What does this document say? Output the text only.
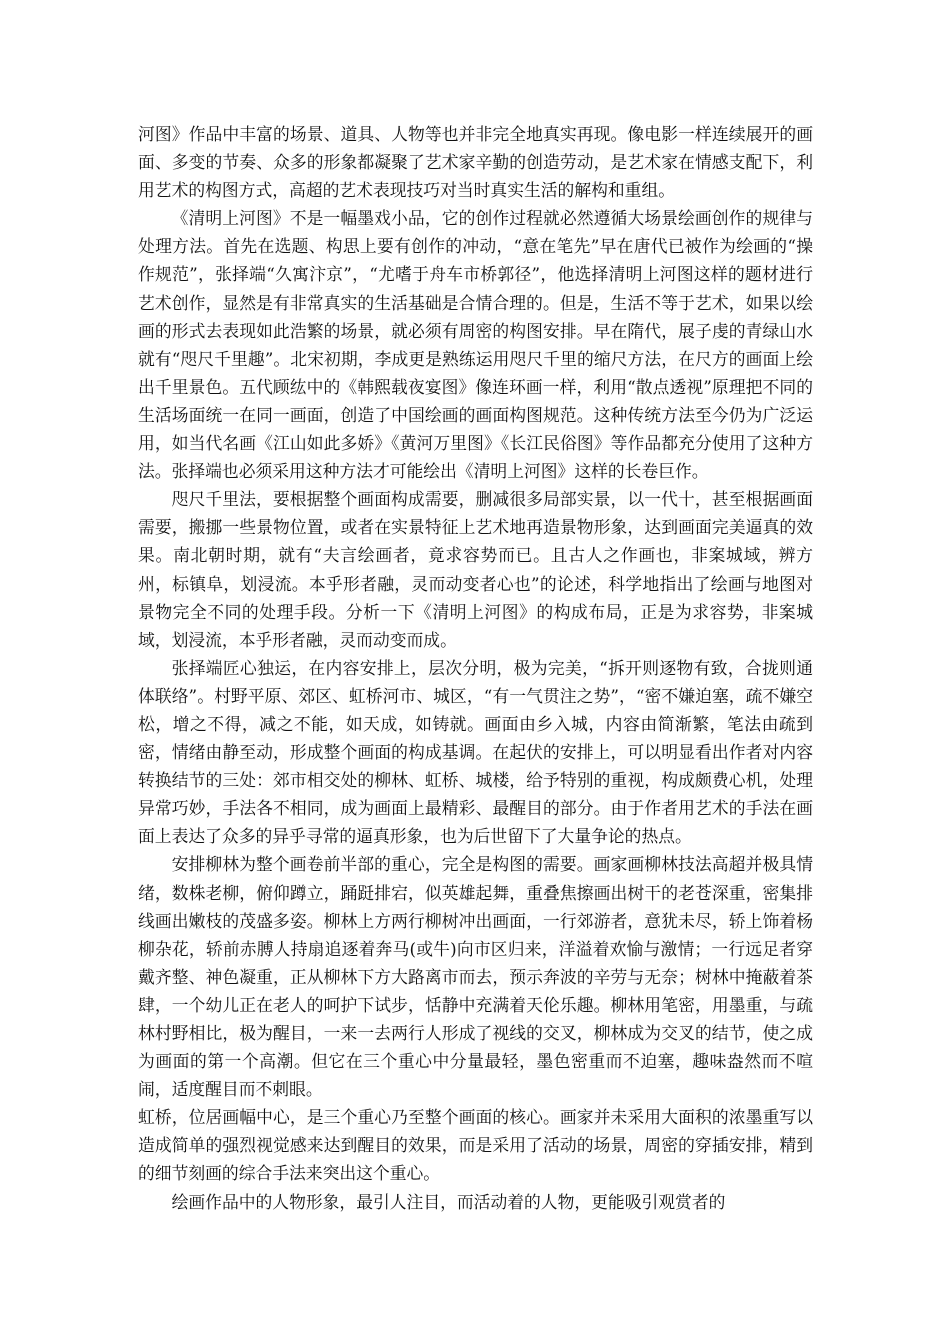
河图》作品中丰富的场景、道具、人物等也并非完全地真实再现。像电影一样连续展开的画面、多变的节奏、众多的形象都凝聚了艺术家辛勤的创造劳动，是艺术家在情感支配下，利用艺术的构图方式，高超的艺术表现技巧对当时真实生活的解构和重组。

《清明上河图》不是一幅墨戏小品，它的创作过程就必然遵循大场景绘画创作的规律与处理方法。首先在选题、构思上要有创作的冲动，“意在笔先”早在唐代已被作为绘画的“操作规范”，张择端“久寓汴京”，“尤嗜于舟车市桥郭径”，他选择清明上河图这样的题材进行艺术创作，显然是有非常真实的生活基础是合情合理的。但是，生活不等于艺术，如果以绘画的形式去表现如此浩繁的场景，就必须有周密的构图安排。早在隋代，展子虔的青绿山水就有“咫尺千里趣”。北宋初期，李成更是熟练运用咫尺千里的缩尺方法，在尺方的画面上绘出千里景色。五代顾纮中的《韩熙载夜宴图》像连环画一样，利用“散点透视”原理把不同的生活场面统一在同一画面，创造了中国绘画的画面构图规范。这种传统方法至今仍为广泛运用，如当代名画《江山如此多娇》《黄河万里图》《长江民俗图》等作品都充分使用了这种方法。张择端也必须采用这种方法才可能绘出《清明上河图》这样的长卷巨作。

咫尺千里法，要根据整个画面构成需要，删减很多局部实景，以一代十，甚至根据画面需要，搬挪一些景物位置，或者在实景特征上艺术地再造景物形象，达到画面完美逼真的效果。南北朝时期，就有“夫言绘画者，竟求容势而已。且古人之作画也，非案城域，辨方州，标镇阜，划浸流。本乎形者融，灵而动变者心也”的论述，科学地指出了绘画与地图对景物完全不同的处理手段。分析一下《清明上河图》的构成布局，正是为求容势，非案城域，划浸流，本乎形者融，灵而动变而成。

张择端匠心独运，在内容安排上，层次分明，极为完美，“拆开则逐物有致，合拢则通体联络”。村野平原、郊区、虹桥河市、城区，“有一气贯注之势”，“密不嫌迫塞，疏不嫌空松，增之不得，减之不能，如天成，如铸就。画面由乡入城，内容由简渐繁，笔法由疏到密，情绪由静至动，形成整个画面的构成基调。在起伏的安排上，可以明显看出作者对内容转换结节的三处：郊市相交处的柳林、虹桥、城楼，给予特别的重视，构成颇费心机，处理异常巧妙，手法各不相同，成为画面上最精彩、最醒目的部分。由于作者用艺术的手法在画面上表达了众多的异乎寻常的逼真形象，也为后世留下了大量争论的热点。

安排柳林为整个画卷前半部的重心，完全是构图的需要。画家画柳林技法高超并极具情绪，数株老柳，俯仰蹲立，踊跹排宕，似英雄起舞，重叠焦擦画出树干的老苍深重，密集排线画出嫩枝的茂盛多姿。柳林上方两行柳树冲出画面，一行郊游者，意犹未尽，轿上饰着杨柳杂花，轿前赤膊人持扇追逐着奔马(或牛)向市区归来，洋溢着欢愉与激情；一行远足者穿戴齐整、神色凝重，正从柳林下方大路离市而去，预示奔波的辛劳与无奈；树林中掩蔽着茶肆，一个幼儿正在老人的呵护下试步，恬静中充满着天伦乐趣。柳林用笔密，用墨重，与疏林村野相比，极为醒目，一来一去两行人形成了视线的交叉，柳林成为交叉的结节，使之成为画面的第一个高潮。但它在三个重心中分量最轻，墨色密重而不迫塞，趣味盎然而不喧闹，适度醒目而不刺眼。

虹桥，位居画幅中心，是三个重心乃至整个画面的核心。画家并未采用大面积的浓墨重写以造成简单的强烈视觉感来达到醒目的效果，而是采用了活动的场景，周密的穿插安排，精到的细节刻画的综合手法来突出这个重心。

绘画作品中的人物形象，最引人注目，而活动着的人物，更能吸引观赏者的
